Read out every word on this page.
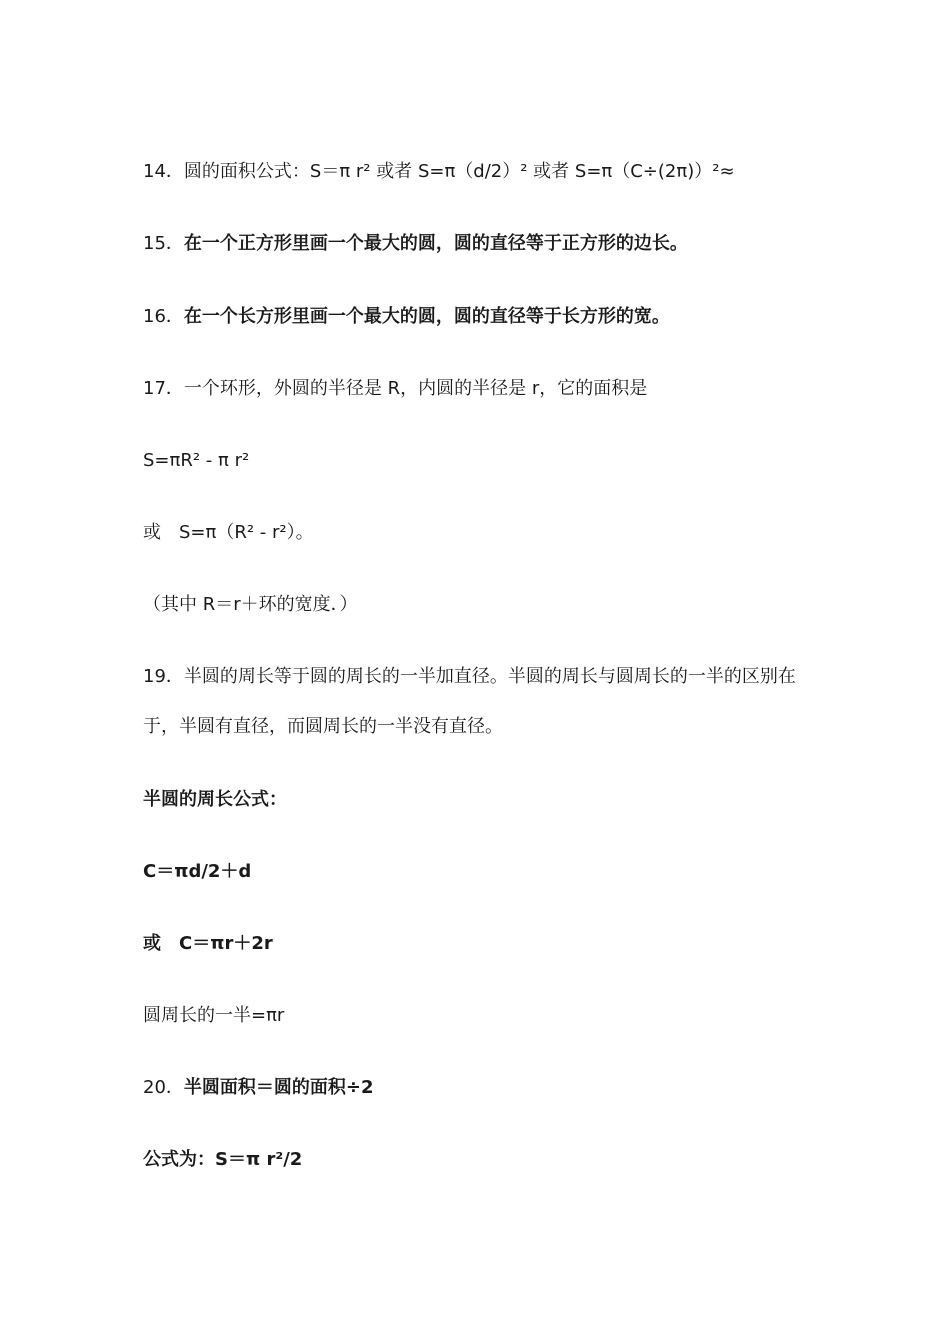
14．圆的面积公式：S＝π r² 或者 S=π（d/2）² 或者 S=π（C÷(2π)）²≈
15．在一个正方形里画一个最大的圆，圆的直径等于正方形的边长。
16．在一个长方形里画一个最大的圆，圆的直径等于长方形的宽。
17．一个环形，外圆的半径是 R，内圆的半径是 r，它的面积是
S=πR² - π r²
或　S=π（R² - r²）。
（其中 R＝r＋环的宽度．）
19．半圆的周长等于圆的周长的一半加直径。半圆的周长与圆周长的一半的区别在
于，半圆有直径，而圆周长的一半没有直径。
半圆的周长公式：
C＝πd/2＋d
或　C＝πr＋2r
圆周长的一半=πr
20．半圆面积＝圆的面积÷2
公式为：S＝π r²/2
